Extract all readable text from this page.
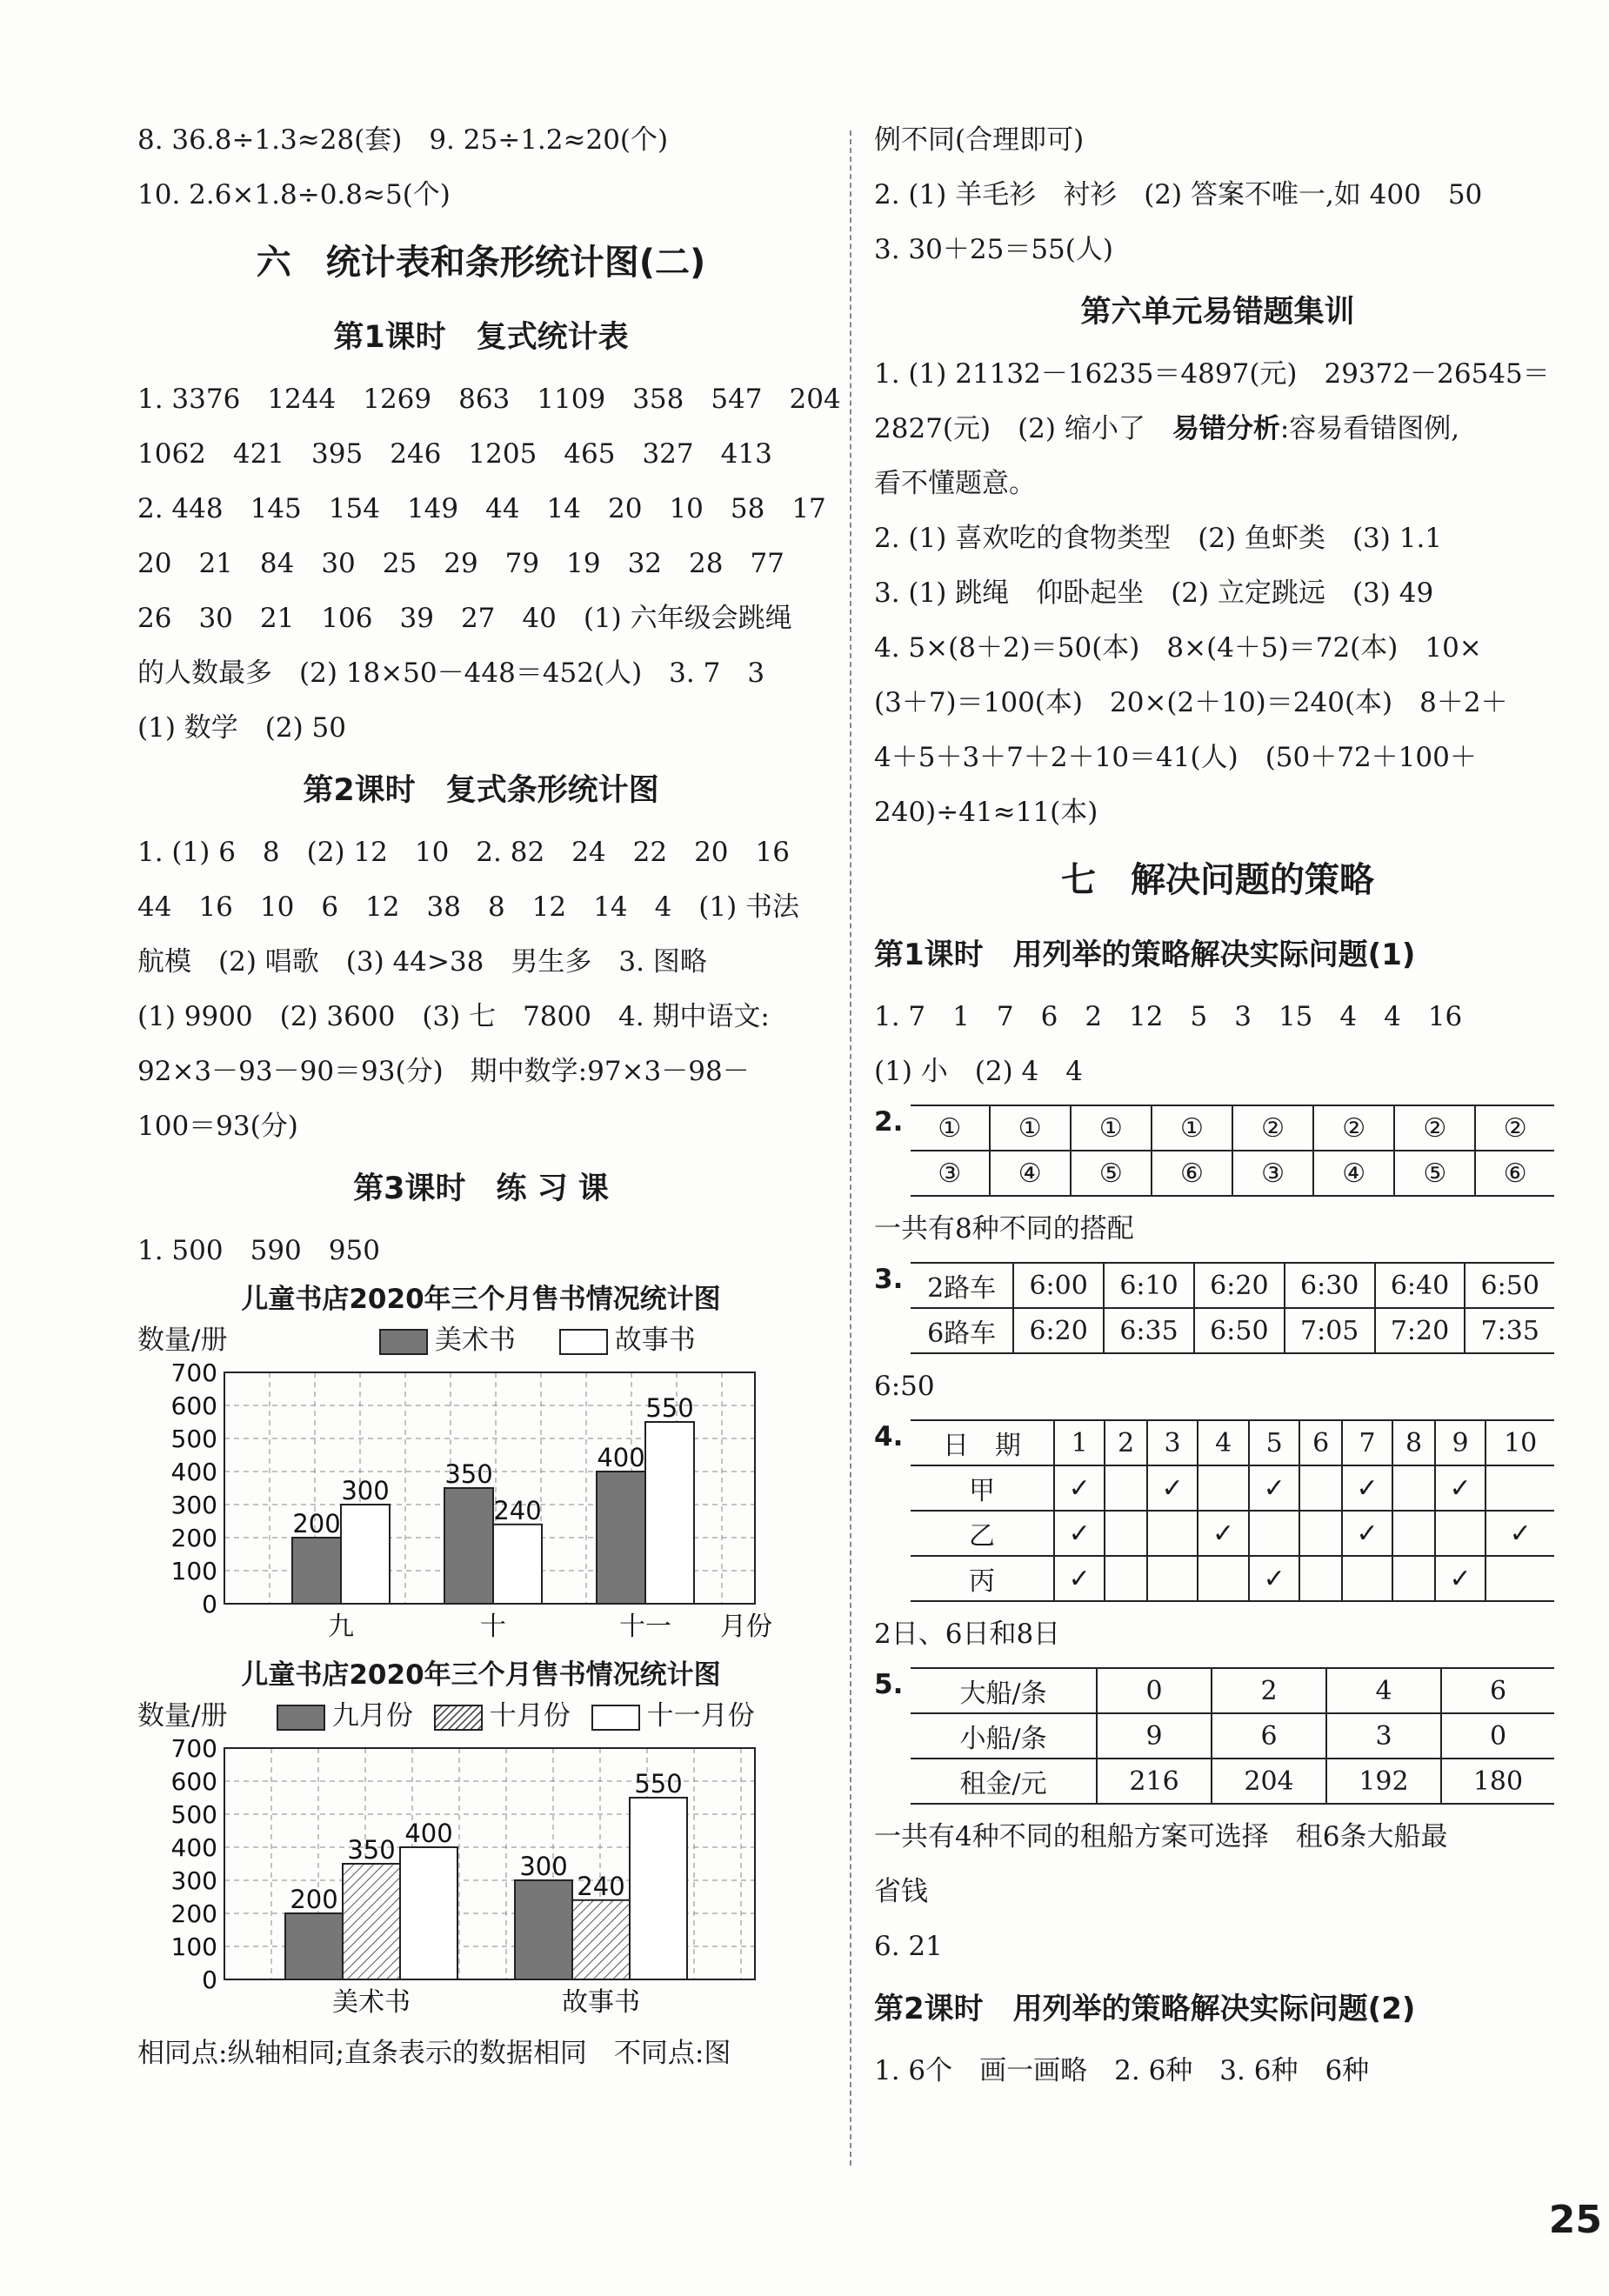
8. 36.8÷1.3≈28(套)　9. 25÷1.2≈20(个)
10. 2.6×1.8÷0.8≈5(个)
六　统计表和条形统计图(二)
第1课时　复式统计表
1. 3376　1244　1269　863　1109　358　547　204
1062　421　395　246　1205　465　327　413
2. 448　145　154　149　44　14　20　10　58　17
20　21　84　30　25　29　79　19　32　28　77
26　30　21　106　39　27　40　(1) 六年级会跳绳
的人数最多　(2) 18×50－448＝452(人)　3. 7　3
(1) 数学　(2) 50
第2课时　复式条形统计图
1. (1) 6　8　(2) 12　10　2. 82　24　22　20　16
44　16　10　6　12　38　8　12　14　4　(1) 书法
航模　(2) 唱歌　(3) 44>38　男生多　3. 图略
(1) 9900　(2) 3600　(3) 七　7800　4. 期中语文:
92×3－93－90＝93(分)　期中数学:97×3－98－
100＝93(分)
第3课时　练 习 课
1. 500　590　950
儿童书店2020年三个月售书情况统计图
数量/册	美术书	故事书
0
100
200
300
400
500
600
700
200
300
九
350
240
十
400
550
十一 月份
儿童书店2020年三个月售书情况统计图
数量/册	九月份	十月份	十一月份
0
100
200
300
400
500
600
700
200
350
400
美术书
300
240
550
故事书
相同点:纵轴相同;直条表示的数据相同　不同点:图
例不同(合理即可)
2. (1) 羊毛衫　衬衫　(2) 答案不唯一,如 400　50
3. 30＋25＝55(人)
第六单元易错题集训
1. (1) 21132－16235＝4897(元)　29372－26545＝
2827(元)　(2) 缩小了　易错分析:容易看错图例,
看不懂题意。
2. (1) 喜欢吃的食物类型　(2) 鱼虾类　(3) 1.1
3. (1) 跳绳　仰卧起坐　(2) 立定跳远　(3) 49
4. 5×(8＋2)＝50(本)　8×(4＋5)＝72(本)　10×
(3＋7)＝100(本)　20×(2＋10)＝240(本)　8＋2＋
4＋5＋3＋7＋2＋10＝41(人)　(50＋72＋100＋
240)÷41≈11(本)
七　解决问题的策略
第1课时　用列举的策略解决实际问题(1)
1. 7　1　7　6　2　12　5　3　15　4　4　16
(1) 小　(2) 4　4
2. ①	①	①	①	②	②	②	②
③	④	⑤	⑥	③	④	⑤	⑥
一共有8种不同的搭配
3. 2路车	6:00	6:10	6:20	6:30	6:40	6:50
6路车	6:20	6:35	6:50	7:05	7:20	7:35
6:50
4. 日　期	1	2	3	4	5	6	7	8	9	10
甲	✓		✓		✓		✓		✓	
乙	✓			✓			✓			✓
丙	✓				✓				✓	
2日、6日和8日
5. 大船/条	0	2	4	6
小船/条	9	6	3	0
租金/元	216	204	192	180
一共有4种不同的租船方案可选择　租6条大船最
省钱
6. 21
第2课时　用列举的策略解决实际问题(2)
1. 6个　画一画略　2. 6种　3. 6种　6种
25
